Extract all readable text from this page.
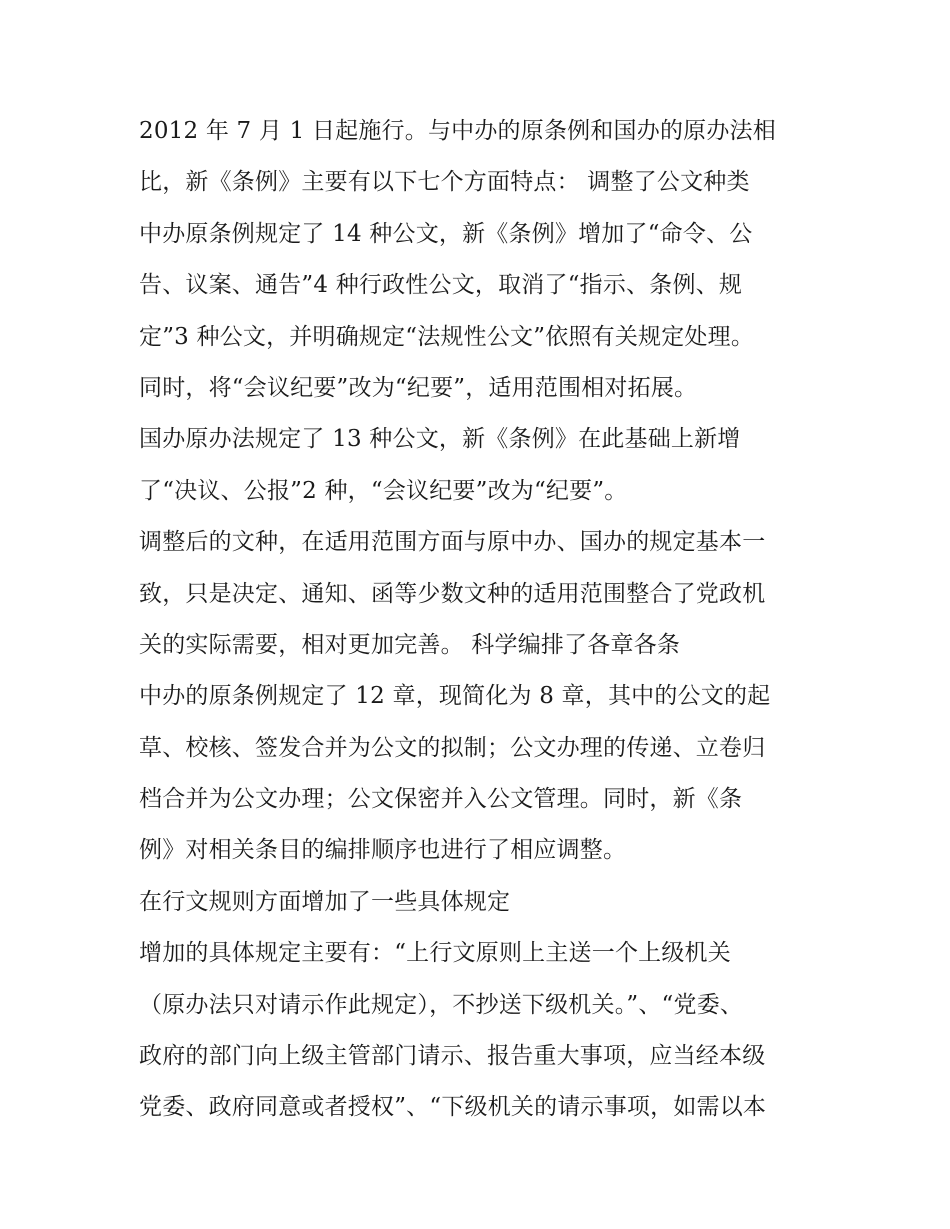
2012 年 7 月 1 日起施行。与中办的原条例和国办的原办法相
比，新《条例》主要有以下七个方面特点： 调整了公文种类
中办原条例规定了 14 种公文，新《条例》增加了“命令、公
告、议案、通告”4 种行政性公文，取消了“指示、条例、规
定”3 种公文，并明确规定“法规性公文”依照有关规定处理。
同时，将“会议纪要”改为“纪要”，适用范围相对拓展。
国办原办法规定了 13 种公文，新《条例》在此基础上新增
了“决议、公报”2 种，“会议纪要”改为“纪要”。
调整后的文种，在适用范围方面与原中办、国办的规定基本一
致，只是决定、通知、函等少数文种的适用范围整合了党政机
关的实际需要，相对更加完善。 科学编排了各章各条
中办的原条例规定了 12 章，现简化为 8 章，其中的公文的起
草、校核、签发合并为公文的拟制；公文办理的传递、立卷归
档合并为公文办理；公文保密并入公文管理。同时，新《条
例》对相关条目的编排顺序也进行了相应调整。
在行文规则方面增加了一些具体规定
增加的具体规定主要有：“上行文原则上主送一个上级机关
（原办法只对请示作此规定），不抄送下级机关。”、“党委、
政府的部门向上级主管部门请示、报告重大事项，应当经本级
党委、政府同意或者授权”、“下级机关的请示事项，如需以本
